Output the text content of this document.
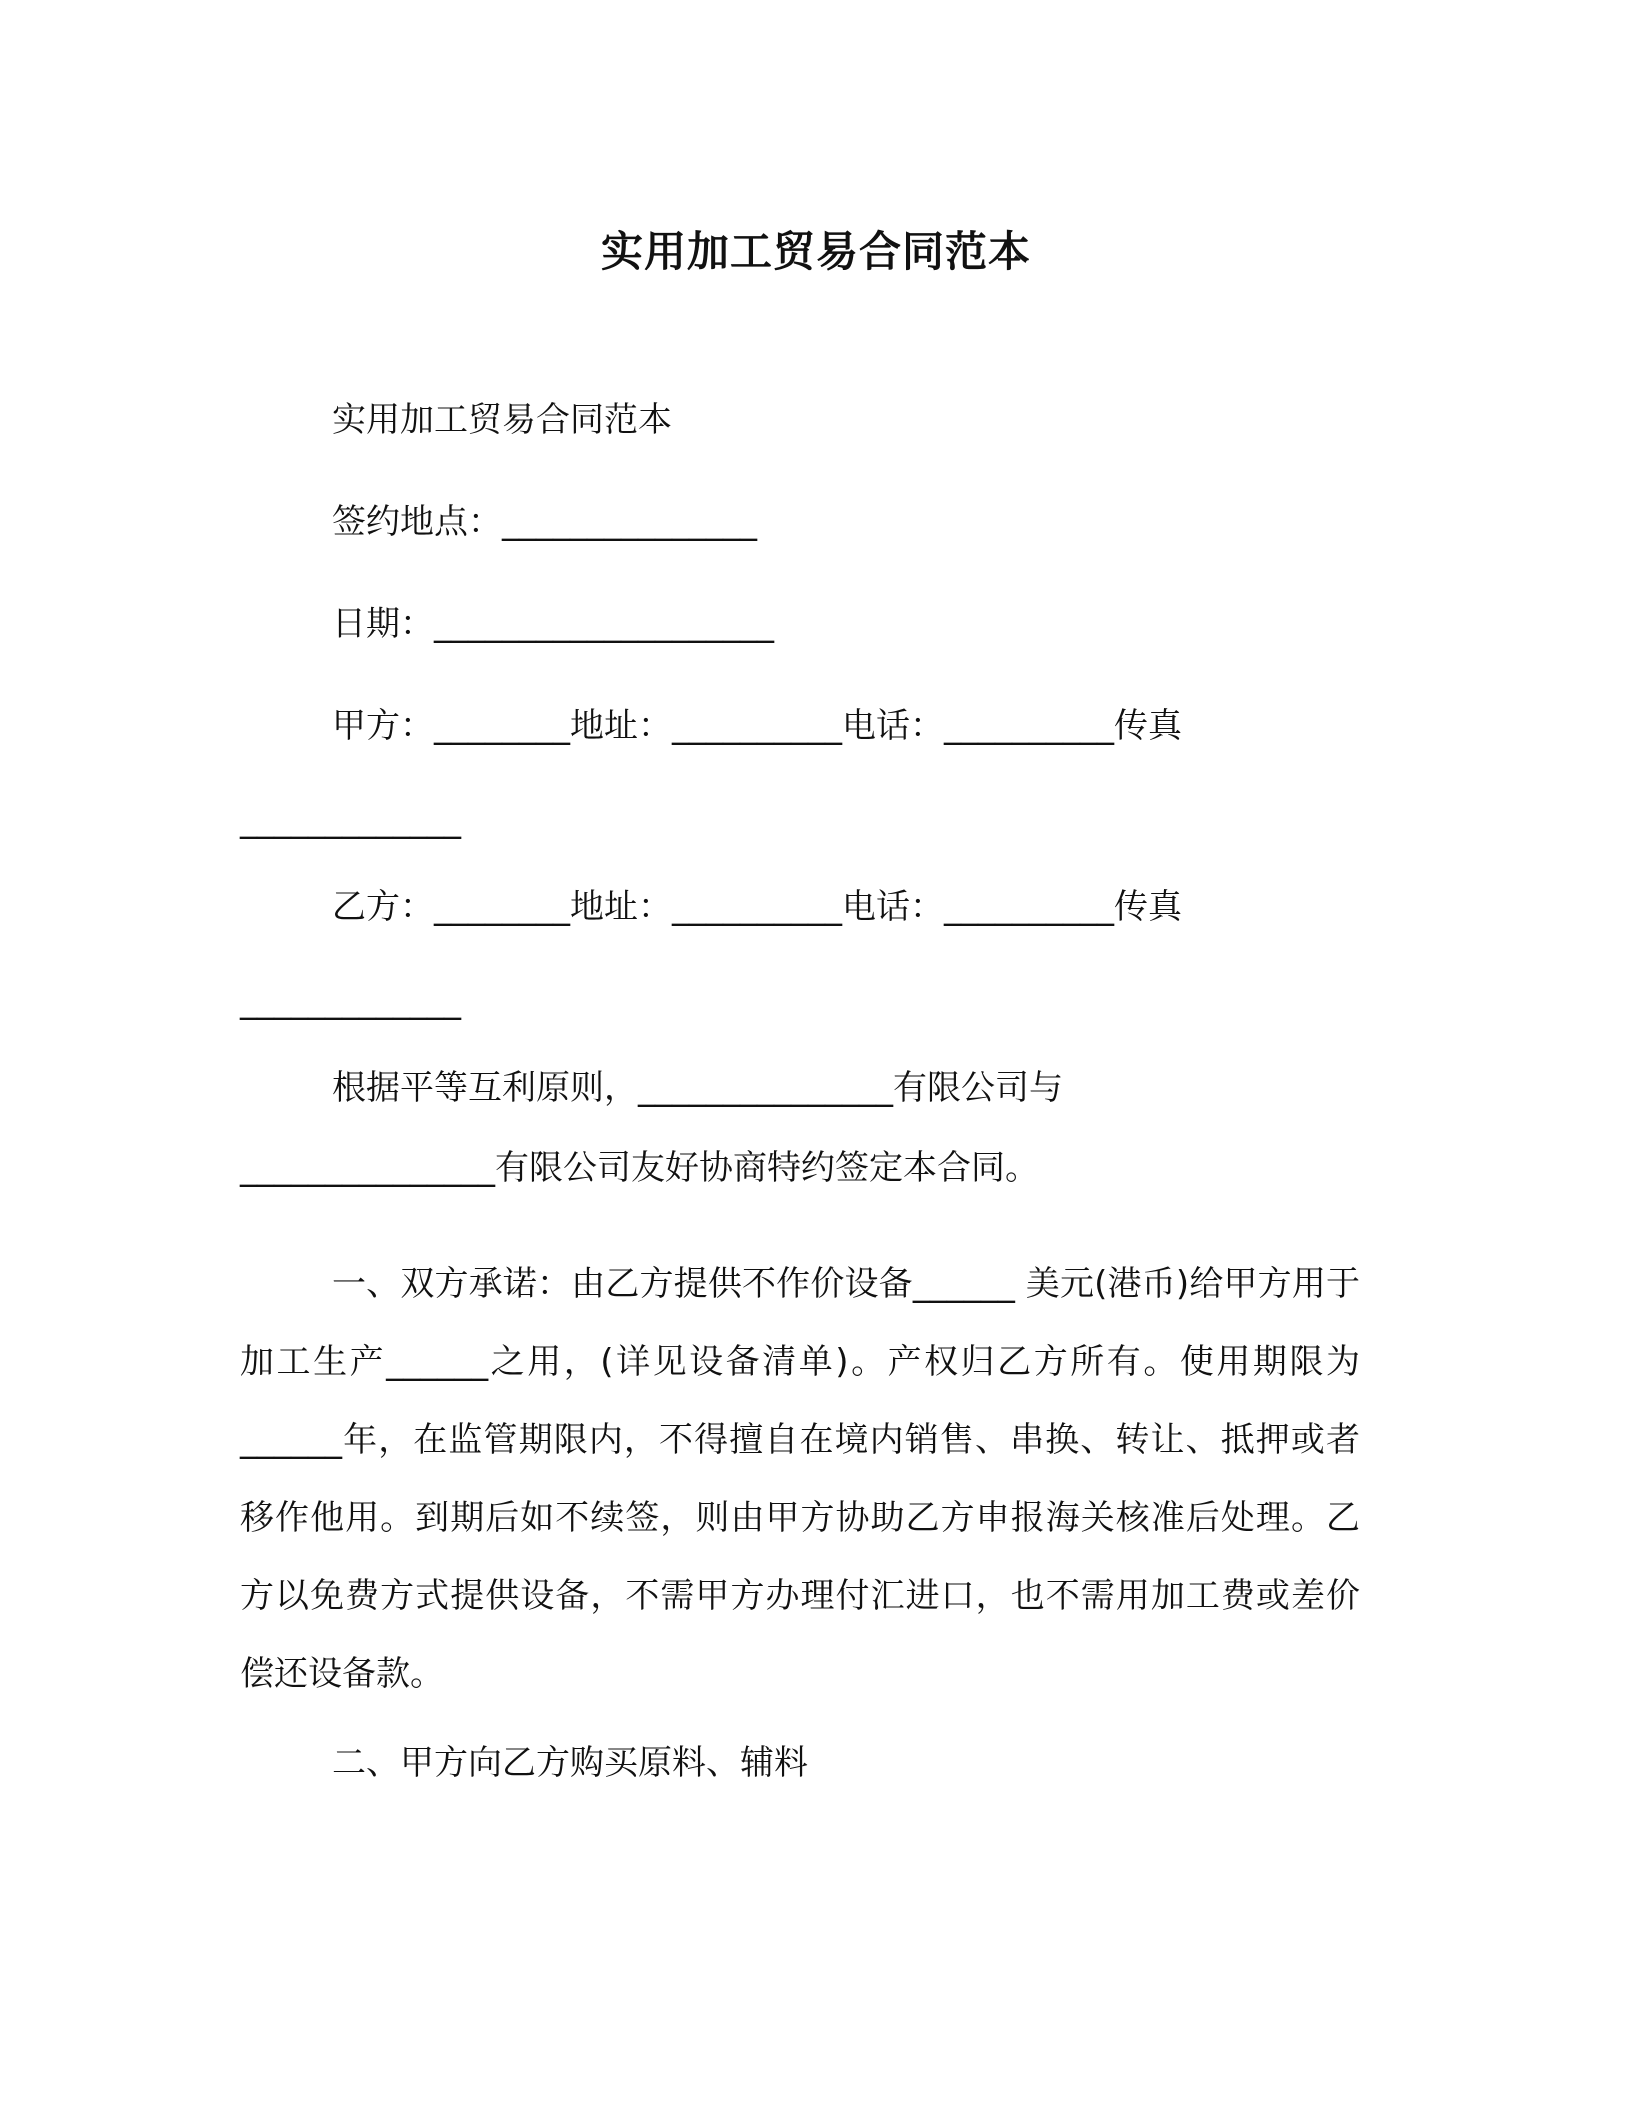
实用加工贸易合同范本
实用加工贸易合同范本
签约地点：_______________
日期：____________________
甲方：________地址：__________电话：__________传真
_____________
乙方：________地址：__________电话：__________传真
_____________
根据平等互利原则，_______________有限公司与
_______________有限公司友好协商特约签定本合同。
一、双方承诺：由乙方提供不作价设备______ 美元(港币)给甲方用于加工生产______之用，(详见设备清单)。产权归乙方所有。使用期限为______年，在监管期限内，不得擅自在境内销售、串换、转让、抵押或者移作他用。到期后如不续签，则由甲方协助乙方申报海关核准后处理。乙方以免费方式提供设备，不需甲方办理付汇进口，也不需用加工费或差价偿还设备款。
二、甲方向乙方购买原料、辅料
